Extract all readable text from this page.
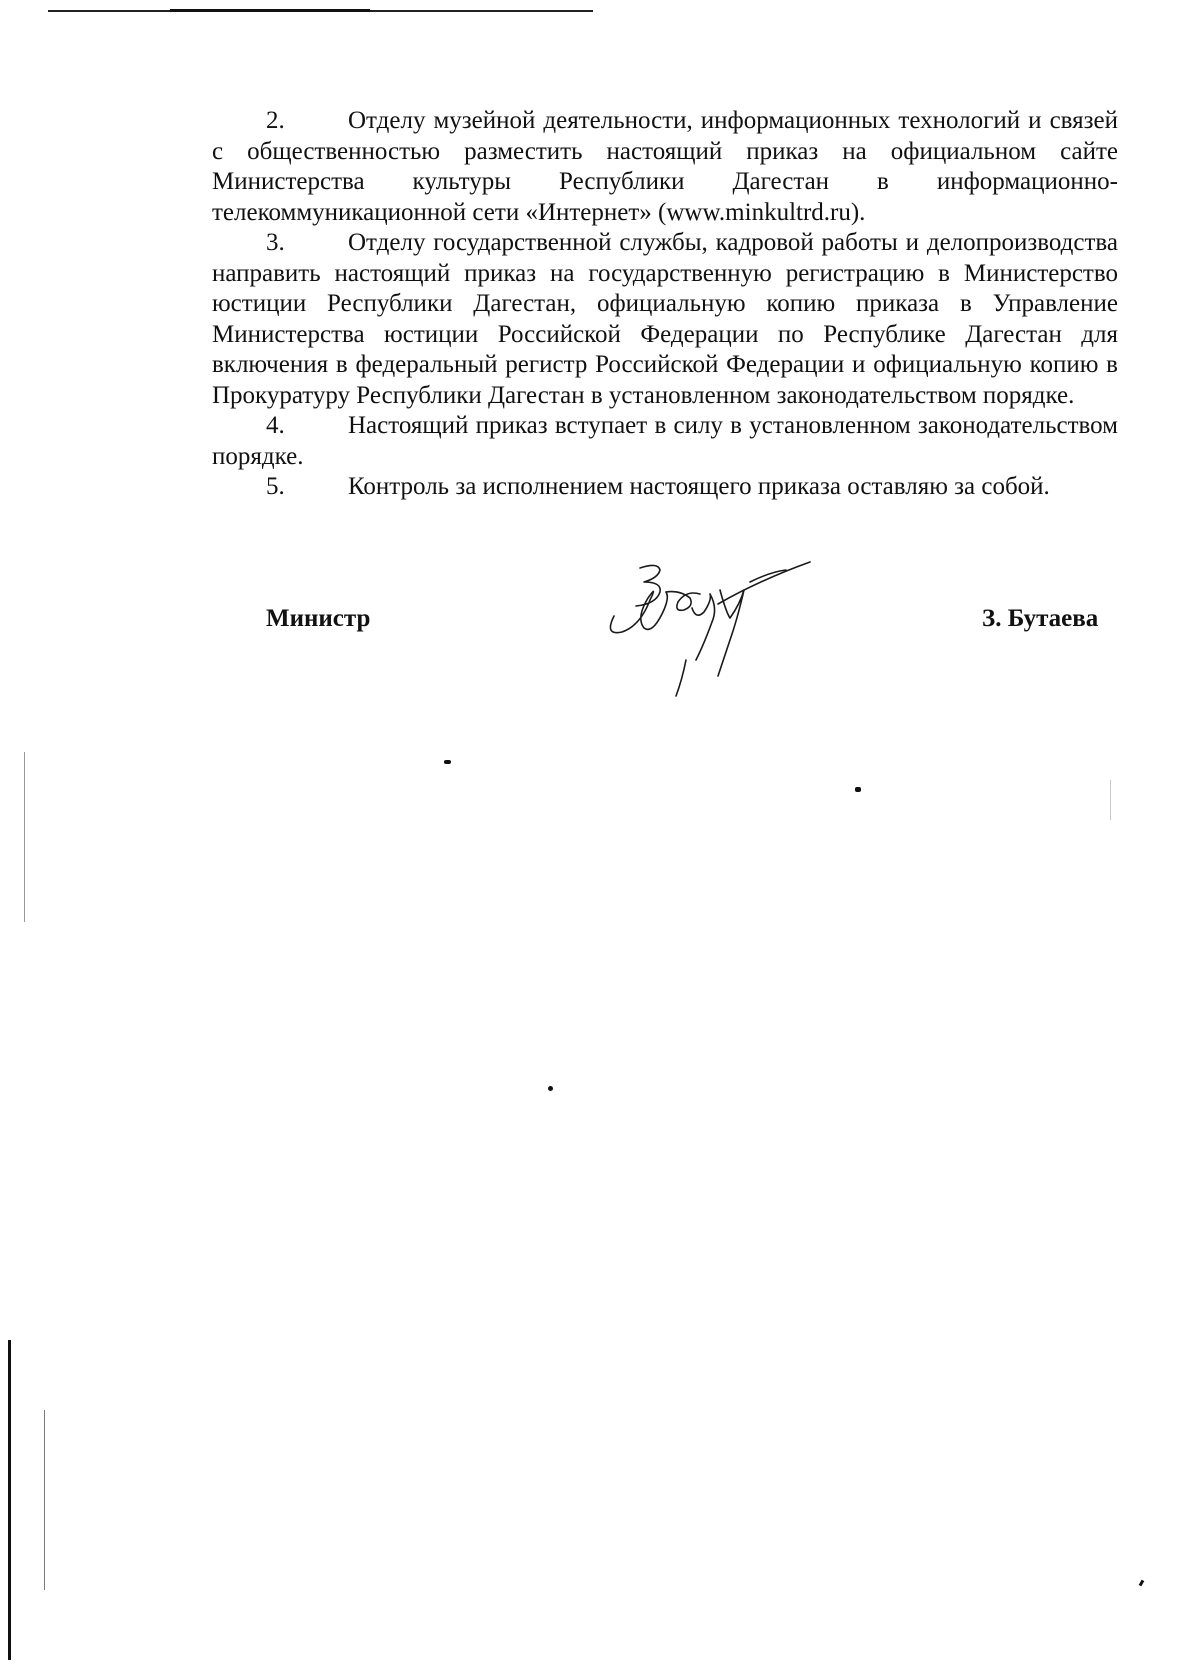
2.	Отделу музейной деятельности, информационных технологий и связей с общественностью разместить настоящий приказ на официальном сайте Министерства культуры Республики Дагестан в информационно-телекоммуникационной сети «Интернет» (www.minkultrd.ru).

3.	Отделу государственной службы, кадровой работы и делопроизводства направить настоящий приказ на государственную регистрацию в Министерство юстиции Республики Дагестан, официальную копию приказа в Управление Министерства юстиции Российской Федерации по Республике Дагестан для включения в федеральный регистр Российской Федерации и официальную копию в Прокуратуру Республики Дагестан в установленном законодательством порядке.

4.	Настоящий приказ вступает в силу в установленном законодательством порядке.

5.	Контроль за исполнением настоящего приказа оставляю за собой.

Министр	З. Бутаева
